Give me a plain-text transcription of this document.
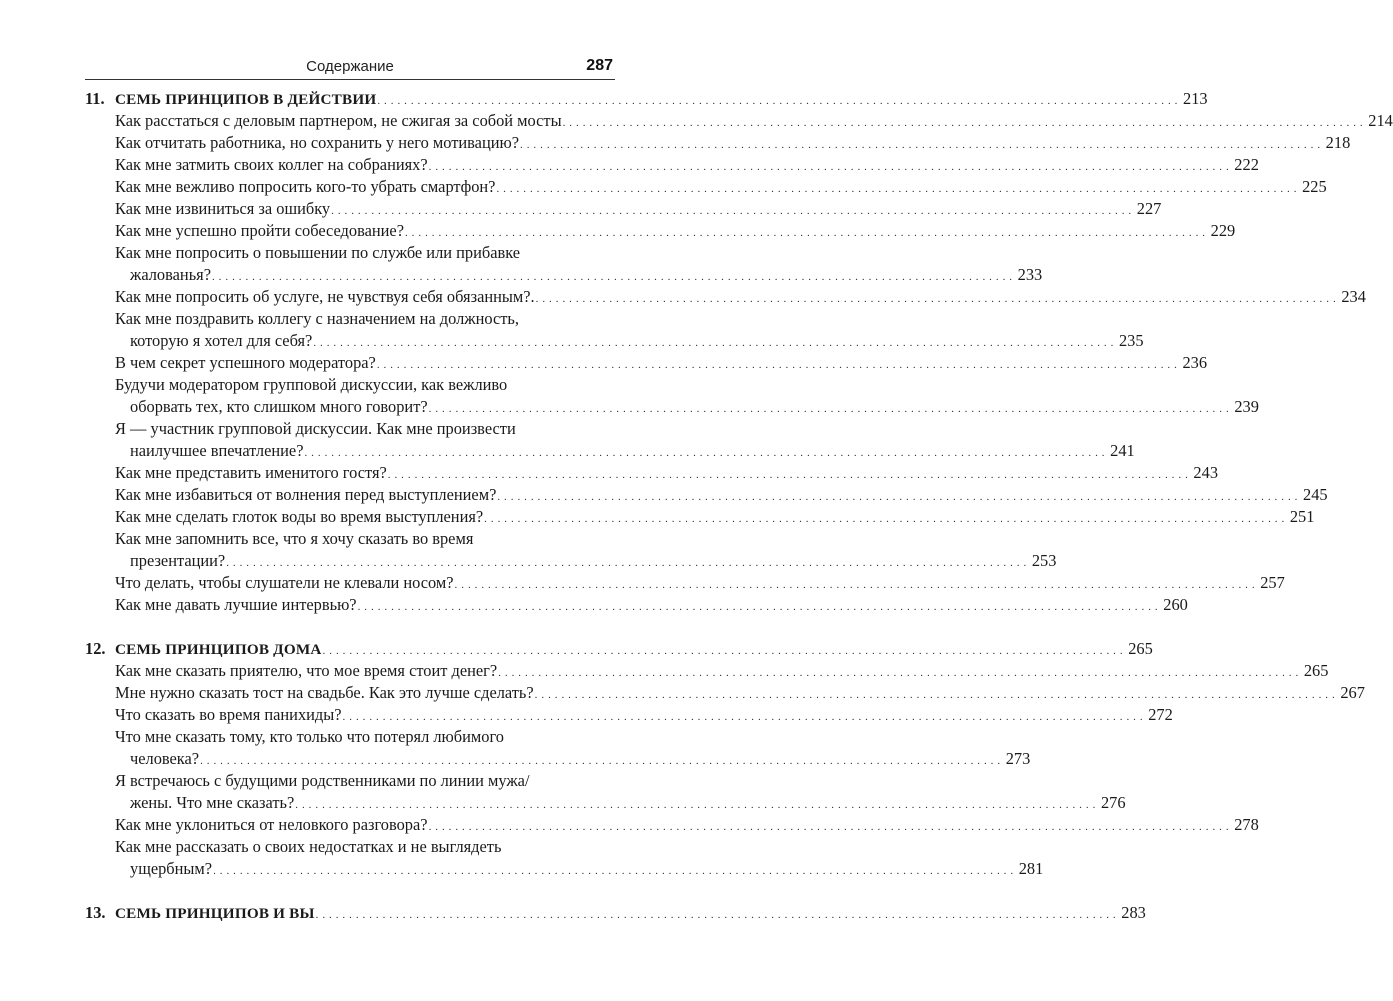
Содержание	287
11. СЕМЬ ПРИНЦИПОВ В ДЕЙСТВИИ . . . . . . . . . . . . . . . . . . . . . . . . . . . . . . . . . . . . . . . . . . . . . . . . . . . . . . . . . . . . . . . . . . . . . . . . . . . . . . . . . . . . . . . . . . . . . . . . . . . . . . . . . . . . . . . . . . . . . . . . 213
Как расстаться с деловым партнером, не сжигая за собой мосты . . . . . . . . . . . . . . . . . . . . . . . . . . . . . . . . . . . . . . . . . . . . . . . . . . . . . . . . . . . . . . . . . . . . . . . . . . . . . . . . . . . . . . . . . . . . . . . . . . . . . . . . . . . . . . . . . . . . . . . . 214
Как отчитать работника, но сохранить у него мотивацию? . . . . . . . . . . . . . . . . . . . . . . . . . . . . . . . . . . . . . . . . . . . . . . . . . . . . . . . . . . . . . . . . . . . . . . . . . . . . . . . . . . . . . . . . . . . . . . . . . . . . . . . . . . . . . . . . . . . . . . . . 218
Как мне затмить своих коллег на собраниях? . . . . . . . . . . . . . . . . . . . . . . . . . . . . . . . . . . . . . . . . . . . . . . . . . . . . . . . . . . . . . . . . . . . . . . . . . . . . . . . . . . . . . . . . . . . . . . . . . . . . . . . . . . . . . . . . . . . . . . . . 222
Как мне вежливо попросить кого-то убрать смартфон? . . . . . . . . . . . . . . . . . . . . . . . . . . . . . . . . . . . . . . . . . . . . . . . . . . . . . . . . . . . . . . . . . . . . . . . . . . . . . . . . . . . . . . . . . . . . . . . . . . . . . . . . . . . . . . . . . . . . . . . . 225
Как мне извиниться за ошибку . . . . . . . . . . . . . . . . . . . . . . . . . . . . . . . . . . . . . . . . . . . . . . . . . . . . . . . . . . . . . . . . . . . . . . . . . . . . . . . . . . . . . . . . . . . . . . . . . . . . . . . . . . . . . . . . . . . . . . . . 227
Как мне успешно пройти собеседование? . . . . . . . . . . . . . . . . . . . . . . . . . . . . . . . . . . . . . . . . . . . . . . . . . . . . . . . . . . . . . . . . . . . . . . . . . . . . . . . . . . . . . . . . . . . . . . . . . . . . . . . . . . . . . . . . . . . . . . . . 229
Как мне попросить о повышении по службе или прибавке
жалованья? . . . . . . . . . . . . . . . . . . . . . . . . . . . . . . . . . . . . . . . . . . . . . . . . . . . . . . . . . . . . . . . . . . . . . . . . . . . . . . . . . . . . . . . . . . . . . . . . . . . . . . . . . . . . . . . . . . . . . . . . 233
Как мне попросить об услуге, не чувствуя себя обязанным?. . . . . . . . . . . . . . . . . . . . . . . . . . . . . . . . . . . . . . . . . . . . . . . . . . . . . . . . . . . . . . . . . . . . . . . . . . . . . . . . . . . . . . . . . . . . . . . . . . . . . . . . . . . . . . . . . . . . . . . . . 234
Как мне поздравить коллегу с назначением на должность,
которую я хотел для себя? . . . . . . . . . . . . . . . . . . . . . . . . . . . . . . . . . . . . . . . . . . . . . . . . . . . . . . . . . . . . . . . . . . . . . . . . . . . . . . . . . . . . . . . . . . . . . . . . . . . . . . . . . . . . . . . . . . . . . . . . 235
В чем секрет успешного модератора? . . . . . . . . . . . . . . . . . . . . . . . . . . . . . . . . . . . . . . . . . . . . . . . . . . . . . . . . . . . . . . . . . . . . . . . . . . . . . . . . . . . . . . . . . . . . . . . . . . . . . . . . . . . . . . . . . . . . . . . . 236
Будучи модератором групповой дискуссии, как вежливо
оборвать тех, кто слишком много говорит? . . . . . . . . . . . . . . . . . . . . . . . . . . . . . . . . . . . . . . . . . . . . . . . . . . . . . . . . . . . . . . . . . . . . . . . . . . . . . . . . . . . . . . . . . . . . . . . . . . . . . . . . . . . . . . . . . . . . . . . . 239
Я — участник групповой дискуссии. Как мне произвести
наилучшее впечатление? . . . . . . . . . . . . . . . . . . . . . . . . . . . . . . . . . . . . . . . . . . . . . . . . . . . . . . . . . . . . . . . . . . . . . . . . . . . . . . . . . . . . . . . . . . . . . . . . . . . . . . . . . . . . . . . . . . . . . . . . 241
Как мне представить именитого гостя? . . . . . . . . . . . . . . . . . . . . . . . . . . . . . . . . . . . . . . . . . . . . . . . . . . . . . . . . . . . . . . . . . . . . . . . . . . . . . . . . . . . . . . . . . . . . . . . . . . . . . . . . . . . . . . . . . . . . . . . . 243
Как мне избавиться от волнения перед выступлением? . . . . . . . . . . . . . . . . . . . . . . . . . . . . . . . . . . . . . . . . . . . . . . . . . . . . . . . . . . . . . . . . . . . . . . . . . . . . . . . . . . . . . . . . . . . . . . . . . . . . . . . . . . . . . . . . . . . . . . . . 245
Как мне сделать глоток воды во время выступления? . . . . . . . . . . . . . . . . . . . . . . . . . . . . . . . . . . . . . . . . . . . . . . . . . . . . . . . . . . . . . . . . . . . . . . . . . . . . . . . . . . . . . . . . . . . . . . . . . . . . . . . . . . . . . . . . . . . . . . . . 251
Как мне запомнить все, что я хочу сказать во время
презентации? . . . . . . . . . . . . . . . . . . . . . . . . . . . . . . . . . . . . . . . . . . . . . . . . . . . . . . . . . . . . . . . . . . . . . . . . . . . . . . . . . . . . . . . . . . . . . . . . . . . . . . . . . . . . . . . . . . . . . . . . 253
Что делать, чтобы слушатели не клевали носом? . . . . . . . . . . . . . . . . . . . . . . . . . . . . . . . . . . . . . . . . . . . . . . . . . . . . . . . . . . . . . . . . . . . . . . . . . . . . . . . . . . . . . . . . . . . . . . . . . . . . . . . . . . . . . . . . . . . . . . . . 257
Как мне давать лучшие интервью? . . . . . . . . . . . . . . . . . . . . . . . . . . . . . . . . . . . . . . . . . . . . . . . . . . . . . . . . . . . . . . . . . . . . . . . . . . . . . . . . . . . . . . . . . . . . . . . . . . . . . . . . . . . . . . . . . . . . . . . . 260
12. СЕМЬ ПРИНЦИПОВ ДОМА . . . . . . . . . . . . . . . . . . . . . . . . . . . . . . . . . . . . . . . . . . . . . . . . . . . . . . . . . . . . . . . . . . . . . . . . . . . . . . . . . . . . . . . . . . . . . . . . . . . . . . . . . . . . . . . . . . . . . . . . 265
Как мне сказать приятелю, что мое время стоит денег? . . . . . . . . . . . . . . . . . . . . . . . . . . . . . . . . . . . . . . . . . . . . . . . . . . . . . . . . . . . . . . . . . . . . . . . . . . . . . . . . . . . . . . . . . . . . . . . . . . . . . . . . . . . . . . . . . . . . . . . . 265
Мне нужно сказать тост на свадьбе. Как это лучше сделать? . . . . . . . . . . . . . . . . . . . . . . . . . . . . . . . . . . . . . . . . . . . . . . . . . . . . . . . . . . . . . . . . . . . . . . . . . . . . . . . . . . . . . . . . . . . . . . . . . . . . . . . . . . . . . . . . . . . . . . . . 267
Что сказать во время панихиды? . . . . . . . . . . . . . . . . . . . . . . . . . . . . . . . . . . . . . . . . . . . . . . . . . . . . . . . . . . . . . . . . . . . . . . . . . . . . . . . . . . . . . . . . . . . . . . . . . . . . . . . . . . . . . . . . . . . . . . . . 272
Что мне сказать тому, кто только что потерял любимого
человека? . . . . . . . . . . . . . . . . . . . . . . . . . . . . . . . . . . . . . . . . . . . . . . . . . . . . . . . . . . . . . . . . . . . . . . . . . . . . . . . . . . . . . . . . . . . . . . . . . . . . . . . . . . . . . . . . . . . . . . . . 273
Я встречаюсь с будущими родственниками по линии мужа/
жены. Что мне сказать? . . . . . . . . . . . . . . . . . . . . . . . . . . . . . . . . . . . . . . . . . . . . . . . . . . . . . . . . . . . . . . . . . . . . . . . . . . . . . . . . . . . . . . . . . . . . . . . . . . . . . . . . . . . . . . . . . . . . . . . . 276
Как мне уклониться от неловкого разговора? . . . . . . . . . . . . . . . . . . . . . . . . . . . . . . . . . . . . . . . . . . . . . . . . . . . . . . . . . . . . . . . . . . . . . . . . . . . . . . . . . . . . . . . . . . . . . . . . . . . . . . . . . . . . . . . . . . . . . . . . 278
Как мне рассказать о своих недостатках и не выглядеть
ущербным? . . . . . . . . . . . . . . . . . . . . . . . . . . . . . . . . . . . . . . . . . . . . . . . . . . . . . . . . . . . . . . . . . . . . . . . . . . . . . . . . . . . . . . . . . . . . . . . . . . . . . . . . . . . . . . . . . . . . . . . . 281
13. СЕМЬ ПРИНЦИПОВ И ВЫ . . . . . . . . . . . . . . . . . . . . . . . . . . . . . . . . . . . . . . . . . . . . . . . . . . . . . . . . . . . . . . . . . . . . . . . . . . . . . . . . . . . . . . . . . . . . . . . . . . . . . . . . . . . . . . . . . . . . . . . . 283
